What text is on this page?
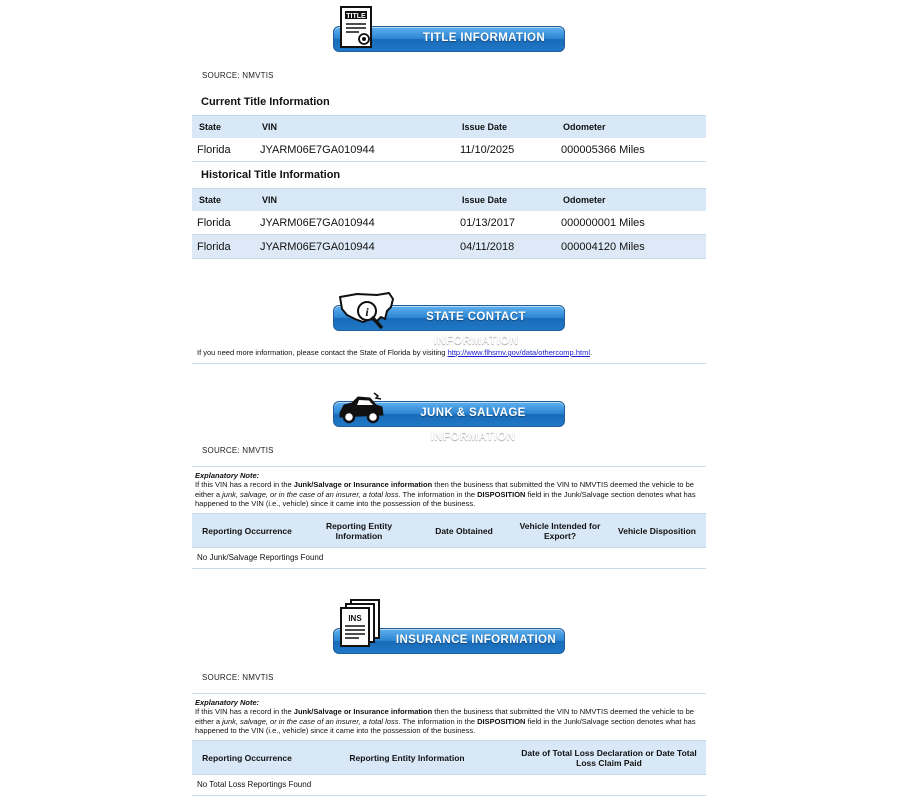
TITLE INFORMATION
TITLE
SOURCE: NMVTIS
Current Title Information
State	VIN	Issue Date	Odometer
Florida	JYARM06E7GA010944	11/10/2025	000005366 Miles
Historical Title Information
State	VIN	Issue Date	Odometer
Florida	JYARM06E7GA010944	01/13/2017	000000001 Miles
Florida	JYARM06E7GA010944	04/11/2018	000004120 Miles
STATE CONTACT INFORMATION
i
If you need more information, please contact the State of Florida by visiting http://www.flhsmv.gov/data/othercomp.html.
JUNK & SALVAGE INFORMATION
SOURCE: NMVTIS
Explanatory Note:
If this VIN has a record in the Junk/Salvage or Insurance information then the business that submitted the VIN to NMVTIS deemed the vehicle to be either a junk, salvage, or in the case of an insurer, a total loss. The information in the DISPOSITION field in the Junk/Salvage section denotes what has happened to the VIN (i.e., vehicle) since it came into the possession of the business.
Reporting Occurrence	Reporting Entity Information	Date Obtained	Vehicle Intended for Export?	Vehicle Disposition
No Junk/Salvage Reportings Found
INSURANCE INFORMATION
INS
SOURCE: NMVTIS
Explanatory Note:
If this VIN has a record in the Junk/Salvage or Insurance information then the business that submitted the VIN to NMVTIS deemed the vehicle to be either a junk, salvage, or in the case of an insurer, a total loss. The information in the DISPOSITION field in the Junk/Salvage section denotes what has happened to the VIN (i.e., vehicle) since it came into the possession of the business.
Reporting Occurrence	Reporting Entity Information	Date of Total Loss Declaration or Date Total Loss Claim Paid
No Total Loss Reportings Found
